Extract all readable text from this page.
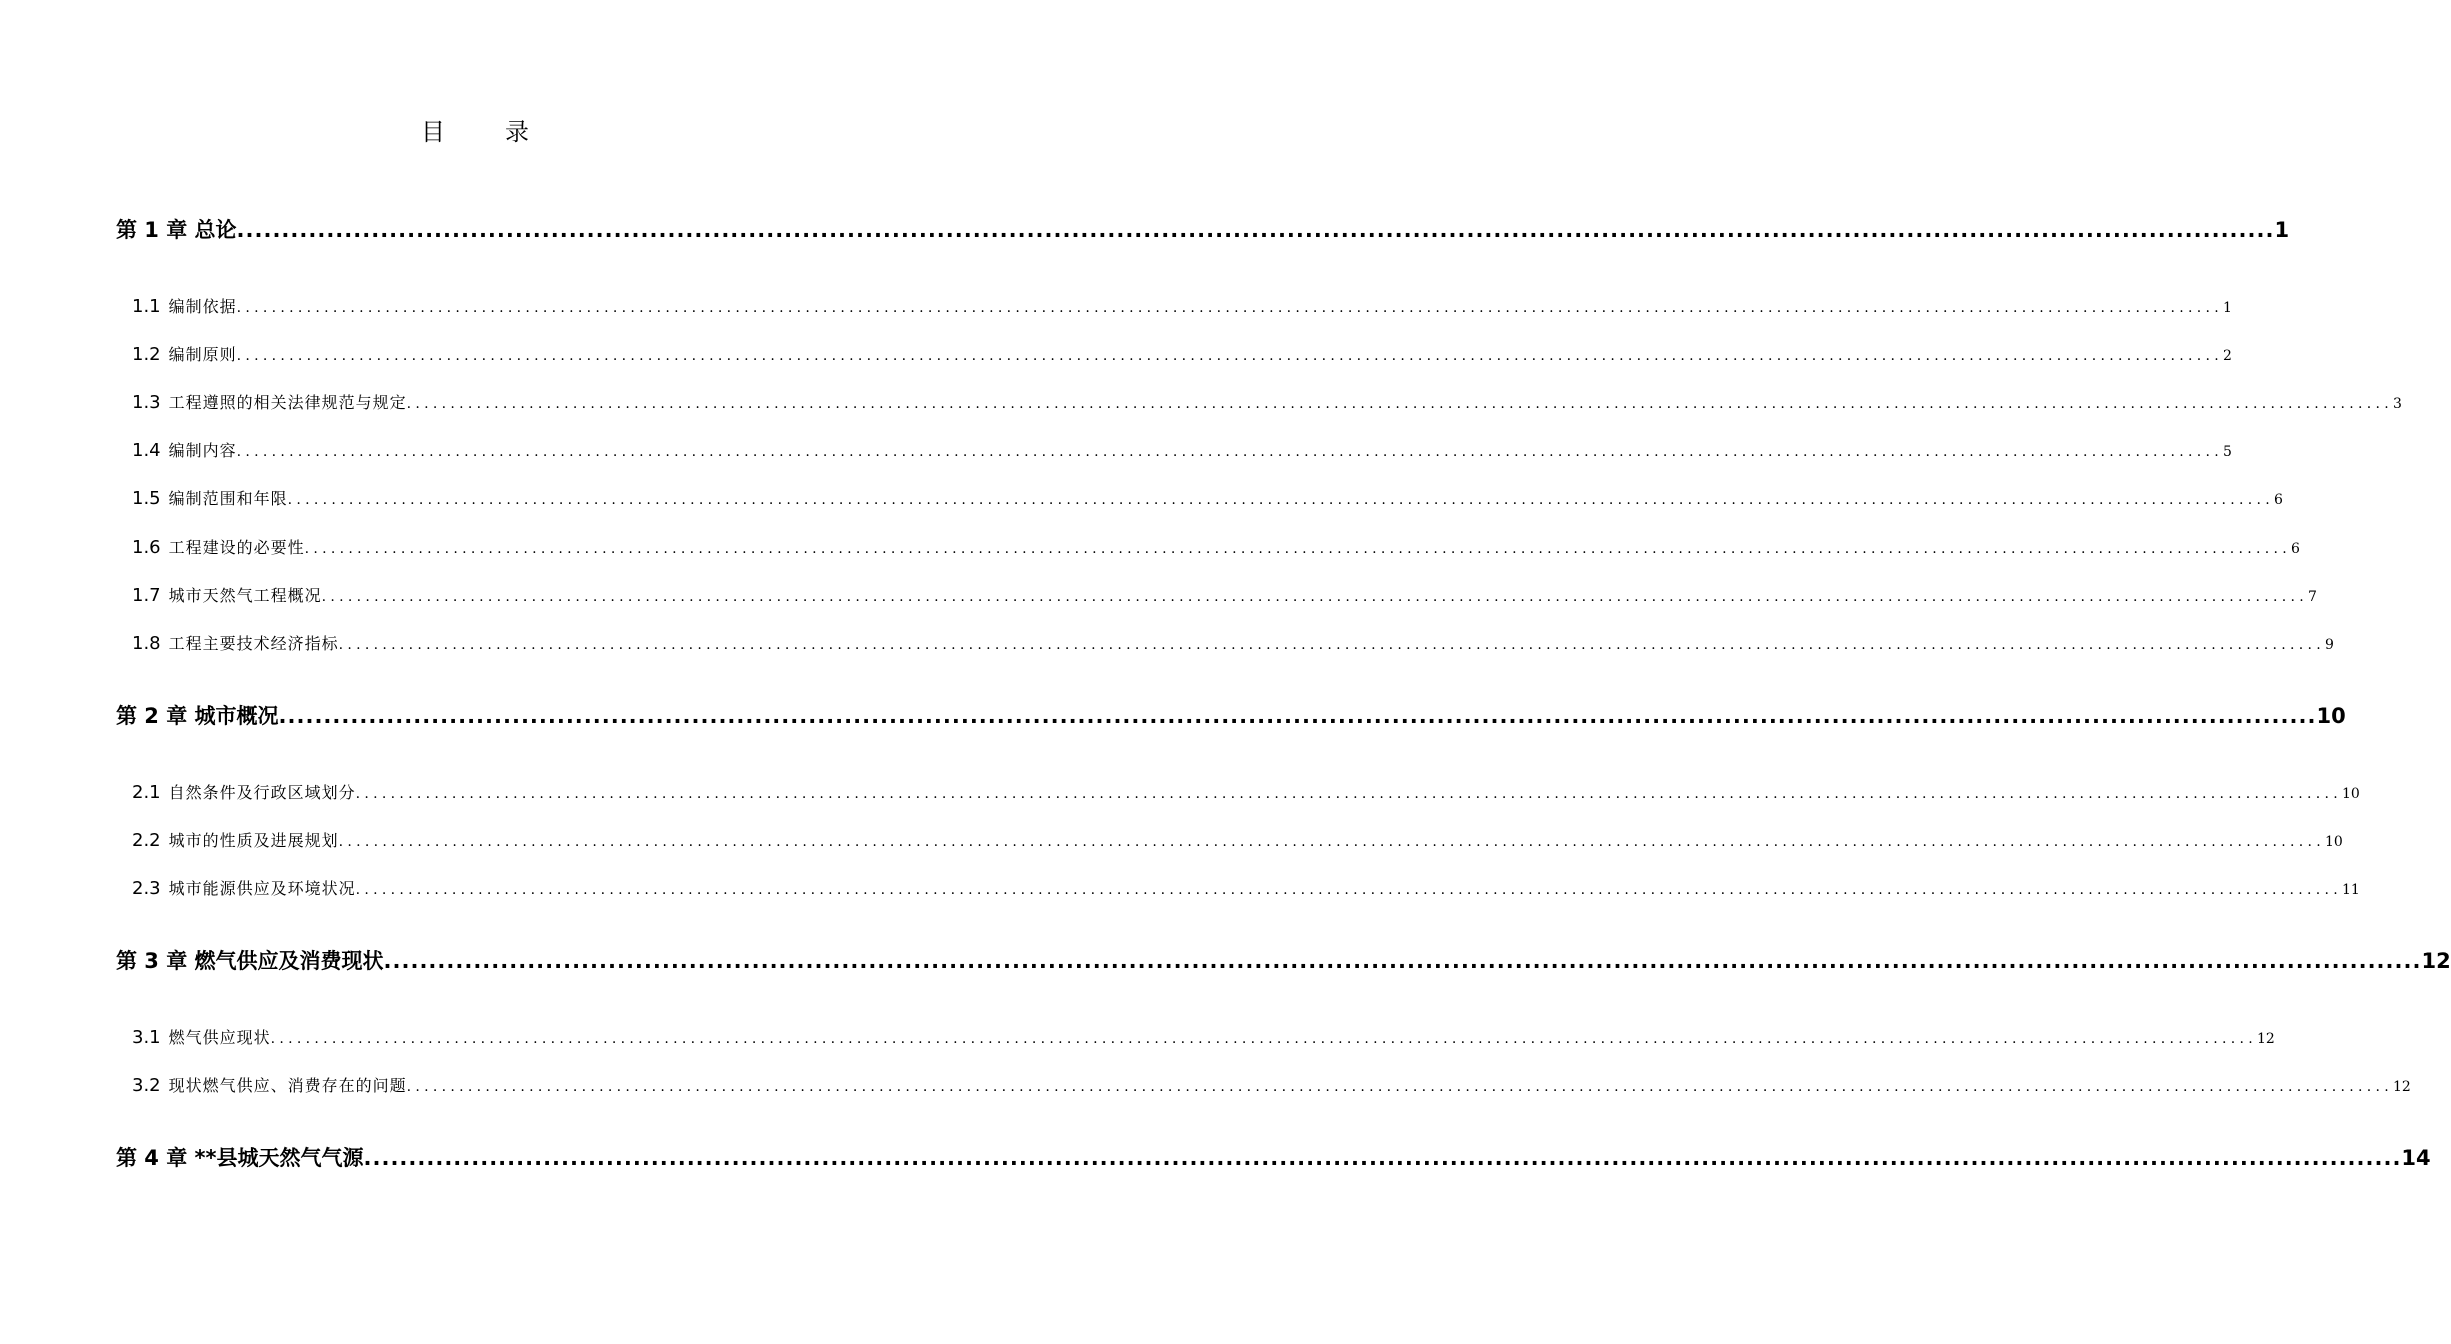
目	录
第 1 章 总论 ................................................................................................................................................................................................................................... 1
1.1 编制依据 ................................................................................................................................................................................................................................... 1
1.2 编制原则 ................................................................................................................................................................................................................................... 2
1.3 工程遵照的相关法律规范与规定 ................................................................................................................................................................................................................................... 3
1.4 编制内容 ................................................................................................................................................................................................................................... 5
1.5 编制范围和年限 ................................................................................................................................................................................................................................... 6
1.6 工程建设的必要性 ................................................................................................................................................................................................................................... 6
1.7 城市天然气工程概况 ................................................................................................................................................................................................................................... 7
1.8 工程主要技术经济指标 ................................................................................................................................................................................................................................... 9
第 2 章 城市概况 ................................................................................................................................................................................................................................... 10
2.1 自然条件及行政区域划分 ................................................................................................................................................................................................................................... 10
2.2 城市的性质及进展规划 ................................................................................................................................................................................................................................... 10
2.3 城市能源供应及环境状况 ................................................................................................................................................................................................................................... 11
第 3 章 燃气供应及消费现状 ................................................................................................................................................................................................................................... 12
3.1 燃气供应现状 ................................................................................................................................................................................................................................... 12
3.2 现状燃气供应、消费存在的问题 ................................................................................................................................................................................................................................... 12
第 4 章 **县城天然气气源 ................................................................................................................................................................................................................................... 14
